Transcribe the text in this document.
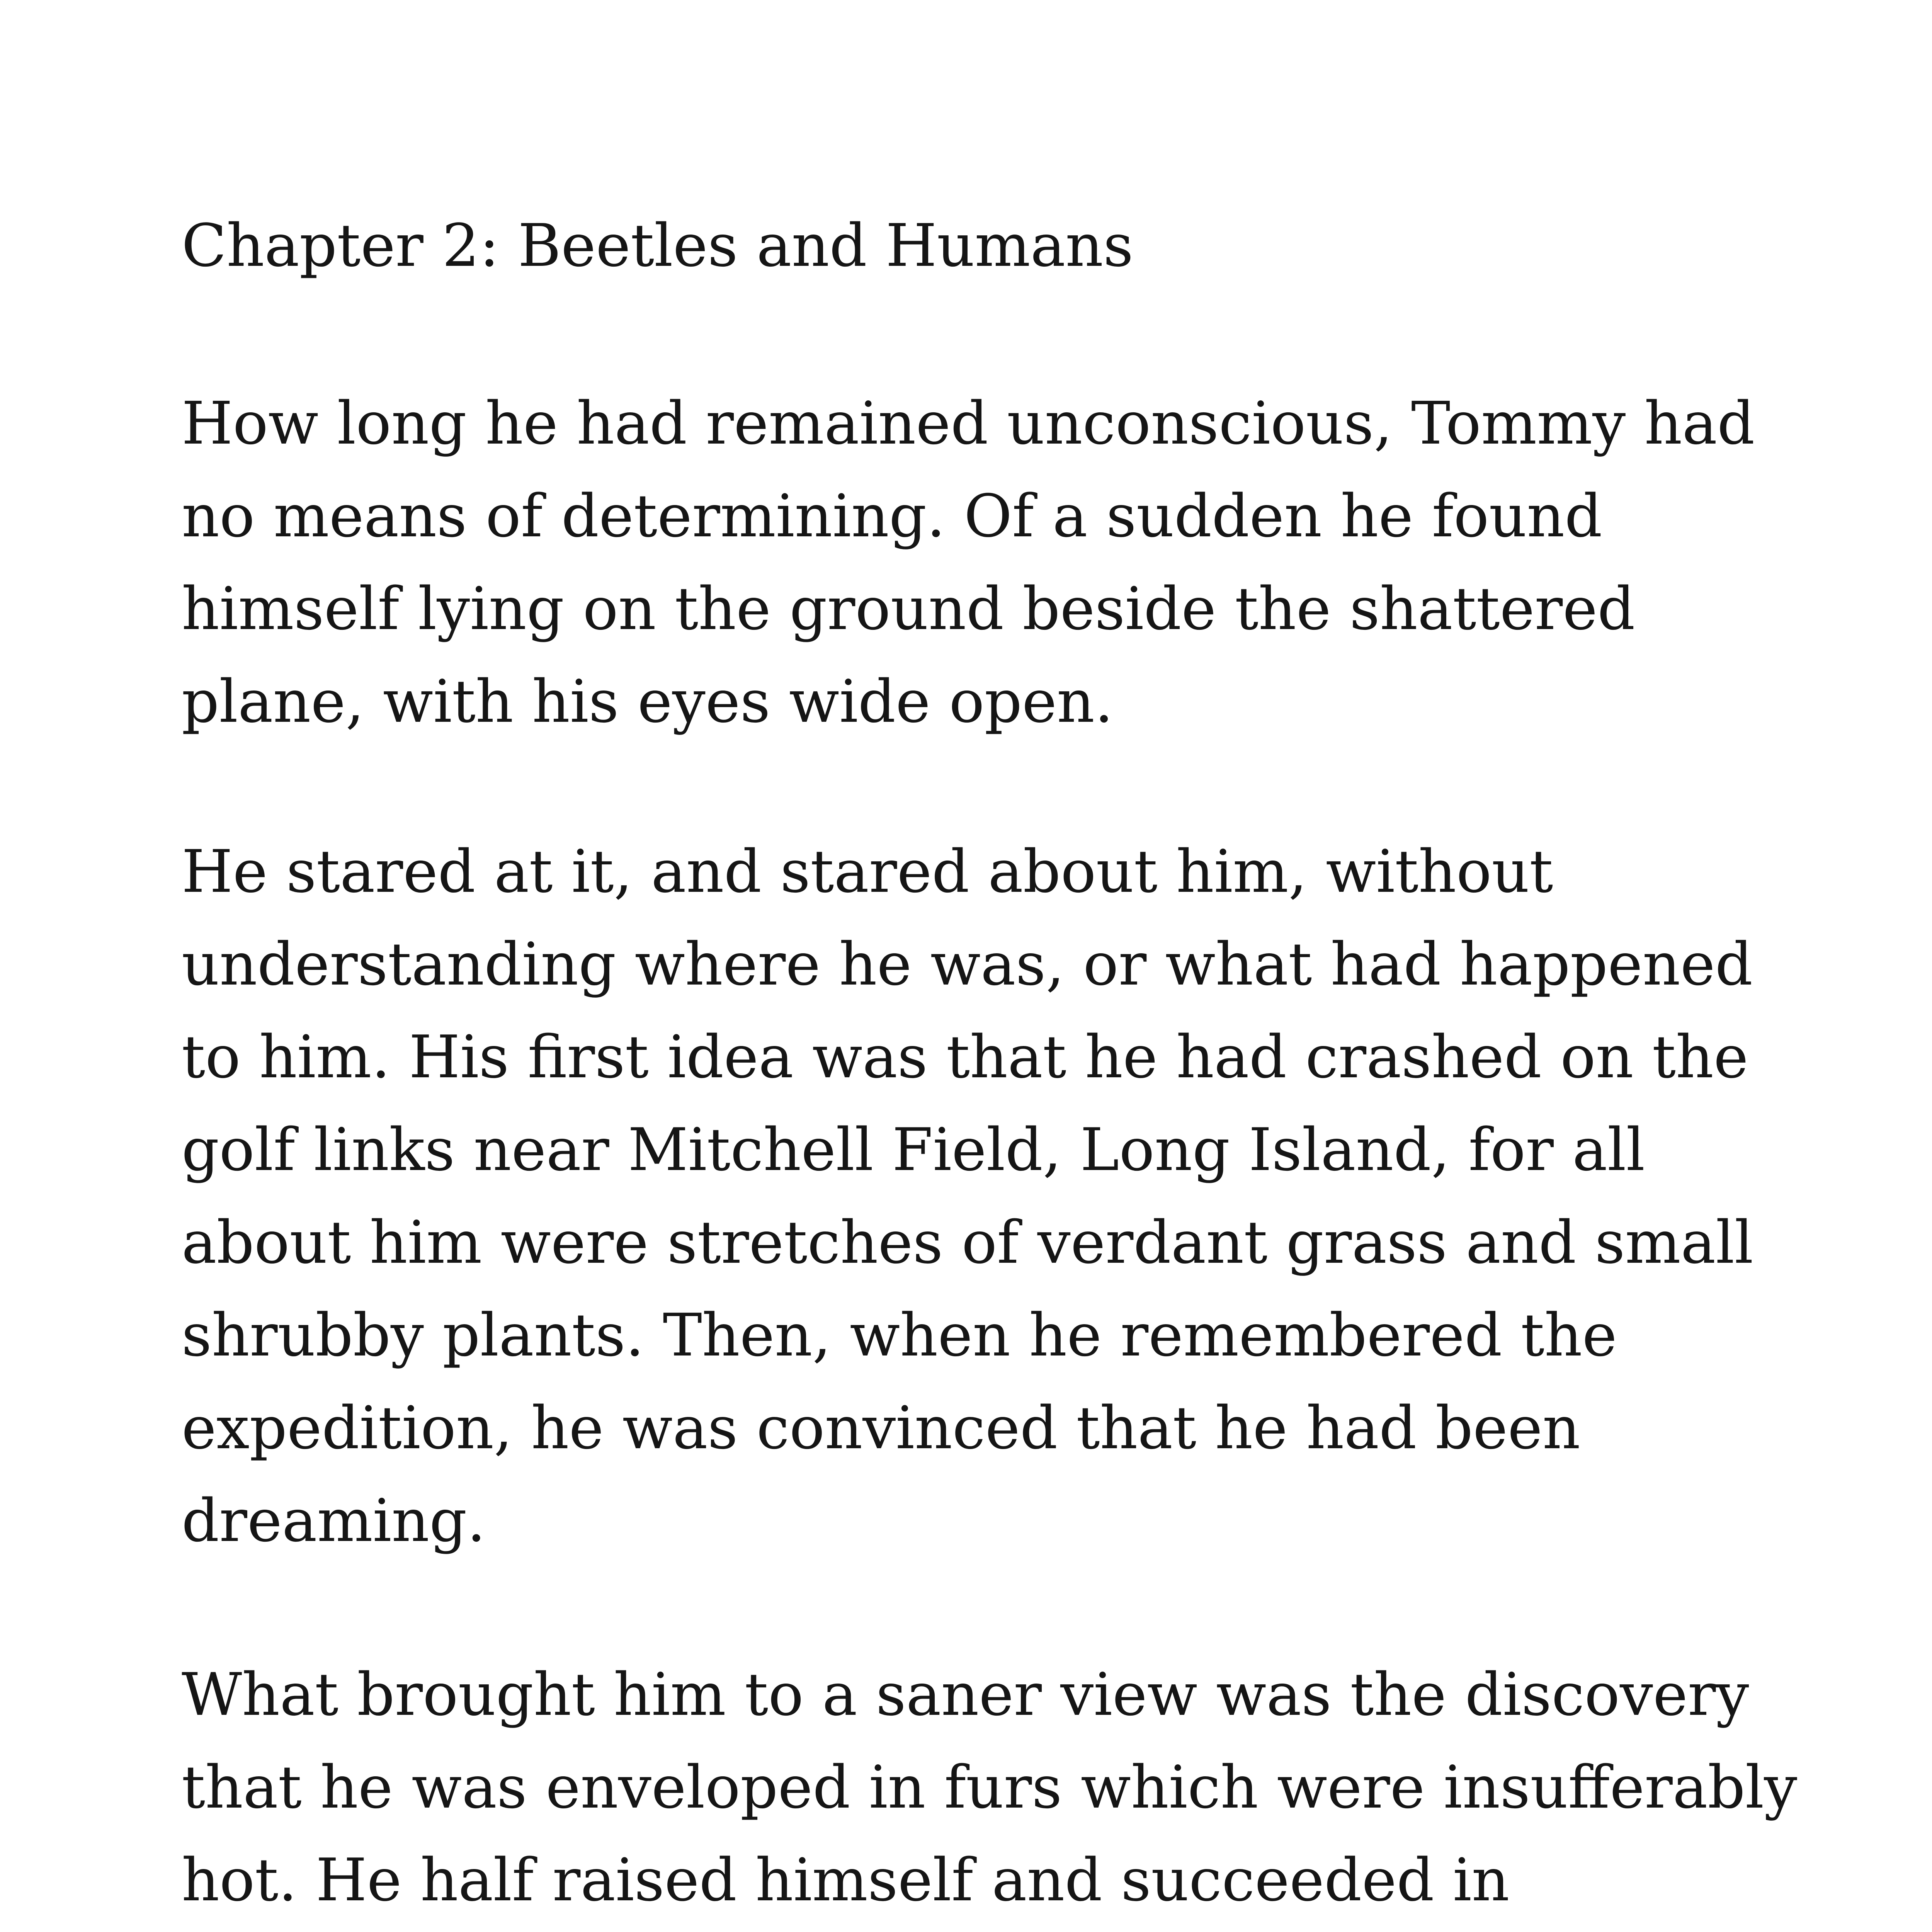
Chapter 2: Beetles and Humans

How long he had remained unconscious, Tommy had

no means of determining. Of a sudden he found

himself lying on the ground beside the shattered

plane, with his eyes wide open.

He stared at it, and stared about him, without

understanding where he was, or what had happened

to him. His first idea was that he had crashed on the

golf links near Mitchell Field, Long Island, for all

about him were stretches of verdant grass and small

shrubby plants. Then, when he remembered the

expedition, he was convinced that he had been

dreaming.

What brought him to a saner view was the discovery

that he was enveloped in furs which were insufferably

hot. He half raised himself and succeeded in
